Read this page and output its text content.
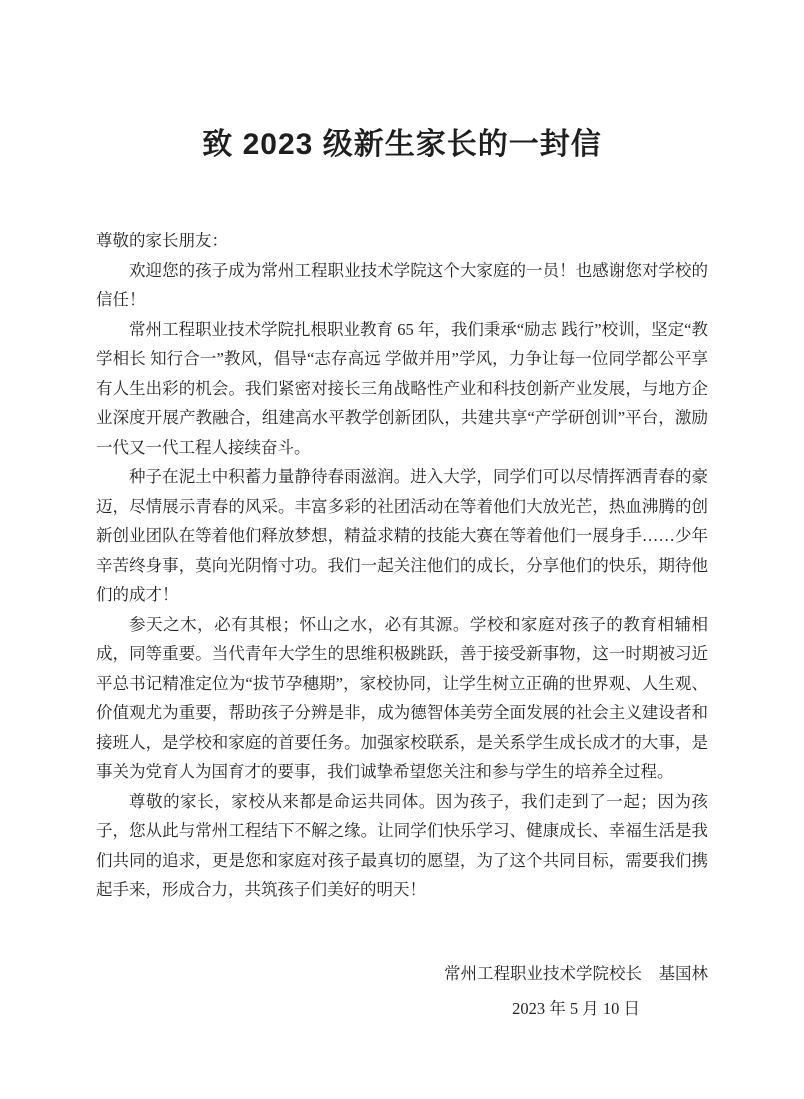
致 2023 级新生家长的一封信

尊敬的家长朋友：

欢迎您的孩子成为常州工程职业技术学院这个大家庭的一员！也感谢您对学校的信任！

常州工程职业技术学院扎根职业教育 65 年，我们秉承“励志 践行”校训，坚定“教学相长 知行合一”教风，倡导“志存高远 学做并用”学风，力争让每一位同学都公平享有人生出彩的机会。我们紧密对接长三角战略性产业和科技创新产业发展，与地方企业深度开展产教融合，组建高水平教学创新团队，共建共享“产学研创训”平台，激励一代又一代工程人接续奋斗。

种子在泥土中积蓄力量静待春雨滋润。进入大学，同学们可以尽情挥洒青春的豪迈，尽情展示青春的风采。丰富多彩的社团活动在等着他们大放光芒，热血沸腾的创新创业团队在等着他们释放梦想，精益求精的技能大赛在等着他们一展身手……少年辛苦终身事，莫向光阴惰寸功。我们一起关注他们的成长，分享他们的快乐，期待他们的成才！

参天之木，必有其根；怀山之水，必有其源。学校和家庭对孩子的教育相辅相成，同等重要。当代青年大学生的思维积极跳跃，善于接受新事物，这一时期被习近平总书记精准定位为“拔节孕穗期”，家校协同，让学生树立正确的世界观、人生观、价值观尤为重要，帮助孩子分辨是非，成为德智体美劳全面发展的社会主义建设者和接班人，是学校和家庭的首要任务。加强家校联系，是关系学生成长成才的大事，是事关为党育人为国育才的要事，我们诚挚希望您关注和参与学生的培养全过程。

尊敬的家长，家校从来都是命运共同体。因为孩子，我们走到了一起；因为孩子，您从此与常州工程结下不解之缘。让同学们快乐学习、健康成长、幸福生活是我们共同的追求，更是您和家庭对孩子最真切的愿望，为了这个共同目标，需要我们携起手来，形成合力，共筑孩子们美好的明天！

常州工程职业技术学院校长　基国林
2023 年 5 月 10 日
